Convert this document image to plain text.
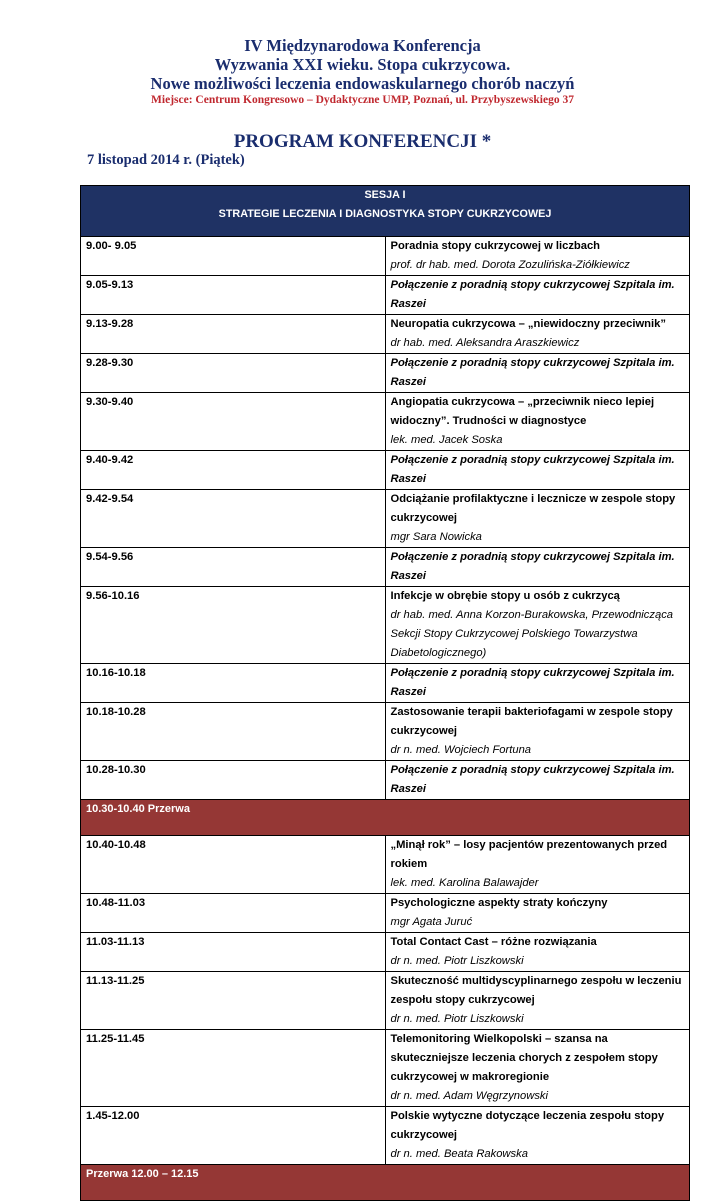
IV Międzynarodowa Konferencja
Wyzwania XXI wieku. Stopa cukrzycowa.
Nowe możliwości leczenia endowaskularnego chorób naczyń
Miejsce: Centrum Kongresowo – Dydaktyczne UMP, Poznań, ul. Przybyszewskiego 37
PROGRAM KONFERENCJI *
7 listopad 2014 r. (Piątek)
SESJA I
STRATEGIE LECZENIA I DIAGNOSTYKA STOPY CUKRZYCOWEJ	

9.00- 9.05	Poradnia stopy cukrzycowej w liczbach
prof. dr hab. med. Dorota Zozulińska-Ziółkiewicz

9.05-9.13	Połączenie z poradnią stopy cukrzycowej Szpitala im. Raszei

9.13-9.28	Neuropatia cukrzycowa – „niewidoczny przeciwnik”
dr hab. med. Aleksandra Araszkiewicz

9.28-9.30	Połączenie z poradnią stopy cukrzycowej Szpitala im. Raszei

9.30-9.40	Angiopatia cukrzycowa – „przeciwnik nieco lepiej widoczny”. Trudności w diagnostyce
lek. med. Jacek Soska

9.40-9.42	Połączenie z poradnią stopy cukrzycowej Szpitala im. Raszei

9.42-9.54	Odciążanie profilaktyczne i lecznicze w zespole stopy cukrzycowej
mgr Sara Nowicka

9.54-9.56	Połączenie z poradnią stopy cukrzycowej Szpitala im. Raszei

9.56-10.16	Infekcje w obrębie stopy u osób z cukrzycą
dr hab. med. Anna Korzon-Burakowska, Przewodnicząca Sekcji Stopy Cukrzycowej Polskiego Towarzystwa Diabetologicznego)

10.16-10.18	Połączenie z poradnią stopy cukrzycowej Szpitala im. Raszei

10.18-10.28	Zastosowanie terapii bakteriofagami w zespole stopy cukrzycowej
dr n. med. Wojciech Fortuna

10.28-10.30	Połączenie z poradnią stopy cukrzycowej Szpitala im. Raszei

10.30-10.40 Przerwa	
10.40-10.48	„Minął rok” – losy pacjentów prezentowanych przed rokiem
lek. med. Karolina Balawajder

10.48-11.03	Psychologiczne aspekty straty kończyny
mgr Agata Juruć

11.03-11.13	Total Contact Cast – różne rozwiązania
dr n. med. Piotr Liszkowski

11.13-11.25	Skuteczność multidyscyplinarnego zespołu w leczeniu zespołu stopy cukrzycowej
dr n. med. Piotr Liszkowski

11.25-11.45	Telemonitoring Wielkopolski – szansa na skuteczniejsze leczenia chorych z zespołem stopy cukrzycowej w makroregionie
dr n. med. Adam Węgrzynowski

1.45-12.00	Polskie wytyczne dotyczące leczenia zespołu stopy cukrzycowej
dr n. med. Beata Rakowska

Przerwa 12.00 – 12.15	
